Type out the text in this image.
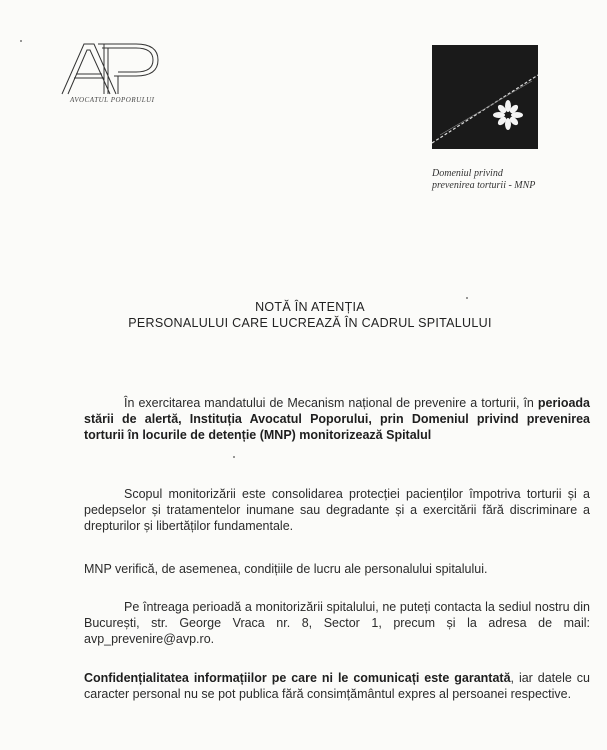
AVOCATUL POPORULUI
Domeniul privind
prevenirea torturii - MNP
NOTĂ ÎN ATENȚIA
PERSONALULUI CARE LUCREAZĂ ÎN CADRUL SPITALULUI
În exercitarea mandatului de Mecanism național de prevenire a torturii, în perioada stării de alertă, Instituția Avocatul Poporului, prin Domeniul privind prevenirea torturii în locurile de detenție (MNP) monitorizează Spitalul
Scopul monitorizării este consolidarea protecției pacienților împotriva torturii și a pedepselor și tratamentelor inumane sau degradante și a exercitării fără discriminare a drepturilor și libertăților fundamentale.
MNP verifică, de asemenea, condițiile de lucru ale personalului spitalului.
Pe întreaga perioadă a monitorizării spitalului, ne puteți contacta la sediul nostru din București, str. George Vraca nr. 8, Sector 1, precum și la adresa de mail: avp_prevenire@avp.ro.
Confidențialitatea informațiilor pe care ni le comunicați este garantată, iar datele cu caracter personal nu se pot publica fără consimțământul expres al persoanei respective.
